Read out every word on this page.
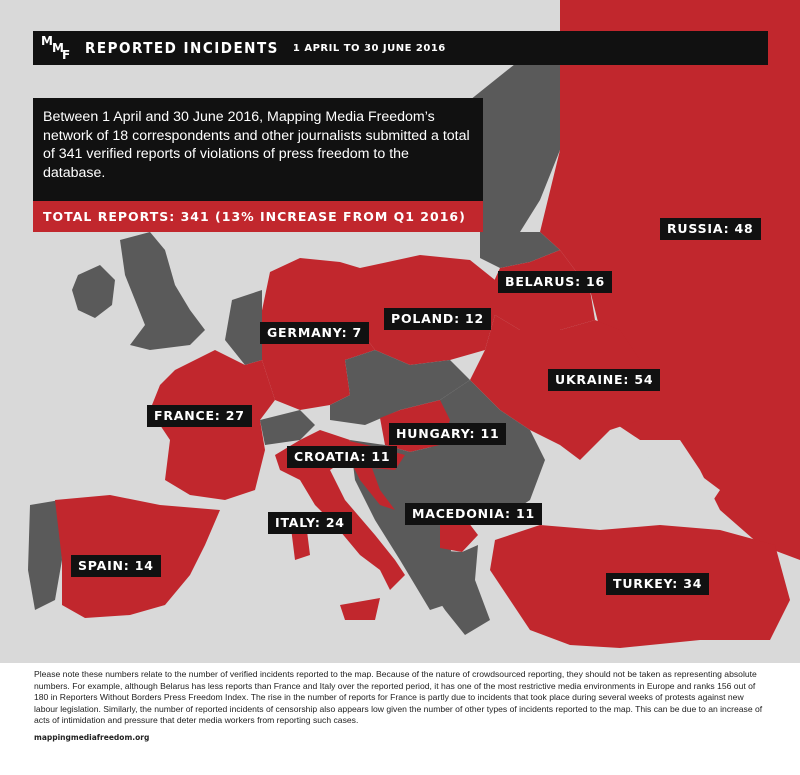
M M
F REPORTED INCIDENTS 1 APRIL TO 30 JUNE 2016
Between 1 April and 30 June 2016, Mapping Media Freedom’s network of 18 correspondents and other journalists submitted a total of 341 verified reports of violations of press freedom to the database.
TOTAL REPORTS: 341 (13% INCREASE FROM Q1 2016)
RUSSIA: 48
BELARUS: 16
POLAND: 12
GERMANY: 7
UKRAINE: 54
FRANCE: 27
HUNGARY: 11
CROATIA: 11
ITALY: 24
MACEDONIA: 11
SPAIN: 14
TURKEY: 34
Please note these numbers relate to the number of verified incidents reported to the map. Because of the nature of crowdsourced reporting, they should not be taken as representing absolute numbers. For example, although Belarus has less reports than France and Italy over the reported period, it has one of the most restrictive media environments in Europe and ranks 156 out of 180 in Reporters Without Borders Press Freedom Index. The rise in the number of reports for France is partly due to incidents that took place during several weeks of protests against new labour legislation. Similarly, the number of reported incidents of censorship also appears low given the number of other types of incidents reported to the map. This can be due to an increase of acts of intimidation and pressure that deter media workers from reporting such cases.
mappingmediafreedom.org
